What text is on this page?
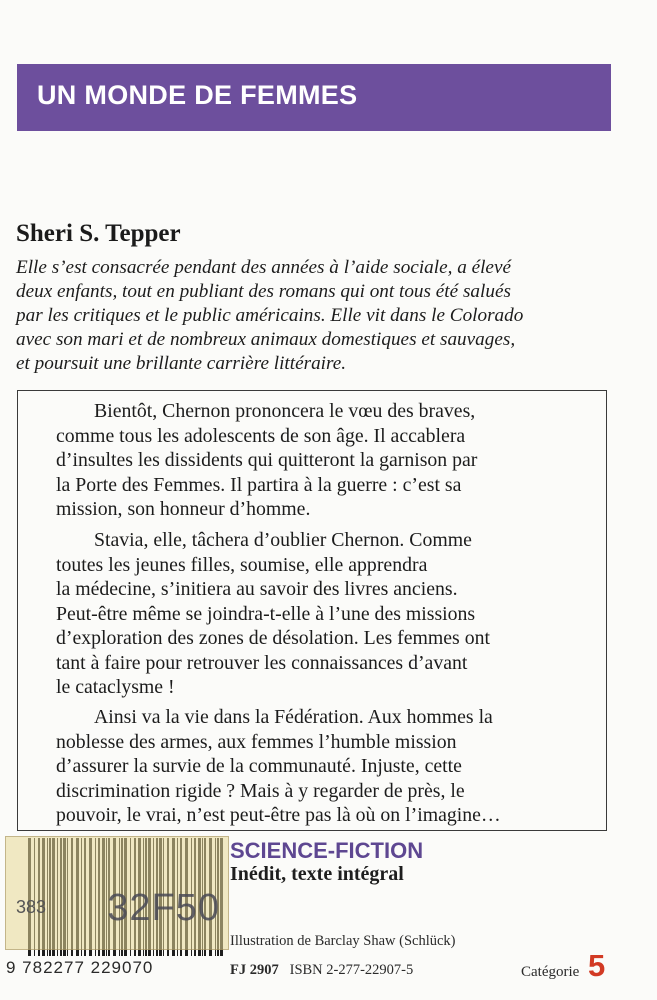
UN MONDE DE FEMMES
Sheri S. Tepper

Elle s’est consacrée pendant des années à l’aide sociale, a élevé
deux enfants, tout en publiant des romans qui ont tous été salués
par les critiques et le public américains. Elle vit dans le Colorado
avec son mari et de nombreux animaux domestiques et sauvages,
et poursuit une brillante carrière littéraire.

Bientôt, Chernon prononcera le vœu des braves,
comme tous les adolescents de son âge. Il accablera
d’insultes les dissidents qui quitteront la garnison par
la Porte des Femmes. Il partira à la guerre : c’est sa
mission, son honneur d’homme.

Stavia, elle, tâchera d’oublier Chernon. Comme
toutes les jeunes filles, soumise, elle apprendra
la médecine, s’initiera au savoir des livres anciens.
Peut-être même se joindra-t-elle à l’une des missions
d’exploration des zones de désolation. Les femmes ont
tant à faire pour retrouver les connaissances d’avant
le cataclysme !

Ainsi va la vie dans la Fédération. Aux hommes la
noblesse des armes, aux femmes l’humble mission
d’assurer la survie de la communauté. Injuste, cette
discrimination rigide ? Mais à y regarder de près, le
pouvoir, le vrai, n’est peut-être pas là où on l’imagine…

383 32F50
9 782277 229070
SCIENCE-FICTION
Inédit, texte intégral
Illustration de Barclay Shaw (Schlück)
FJ 2907 ISBN 2-277-22907-5	Catégorie 5
